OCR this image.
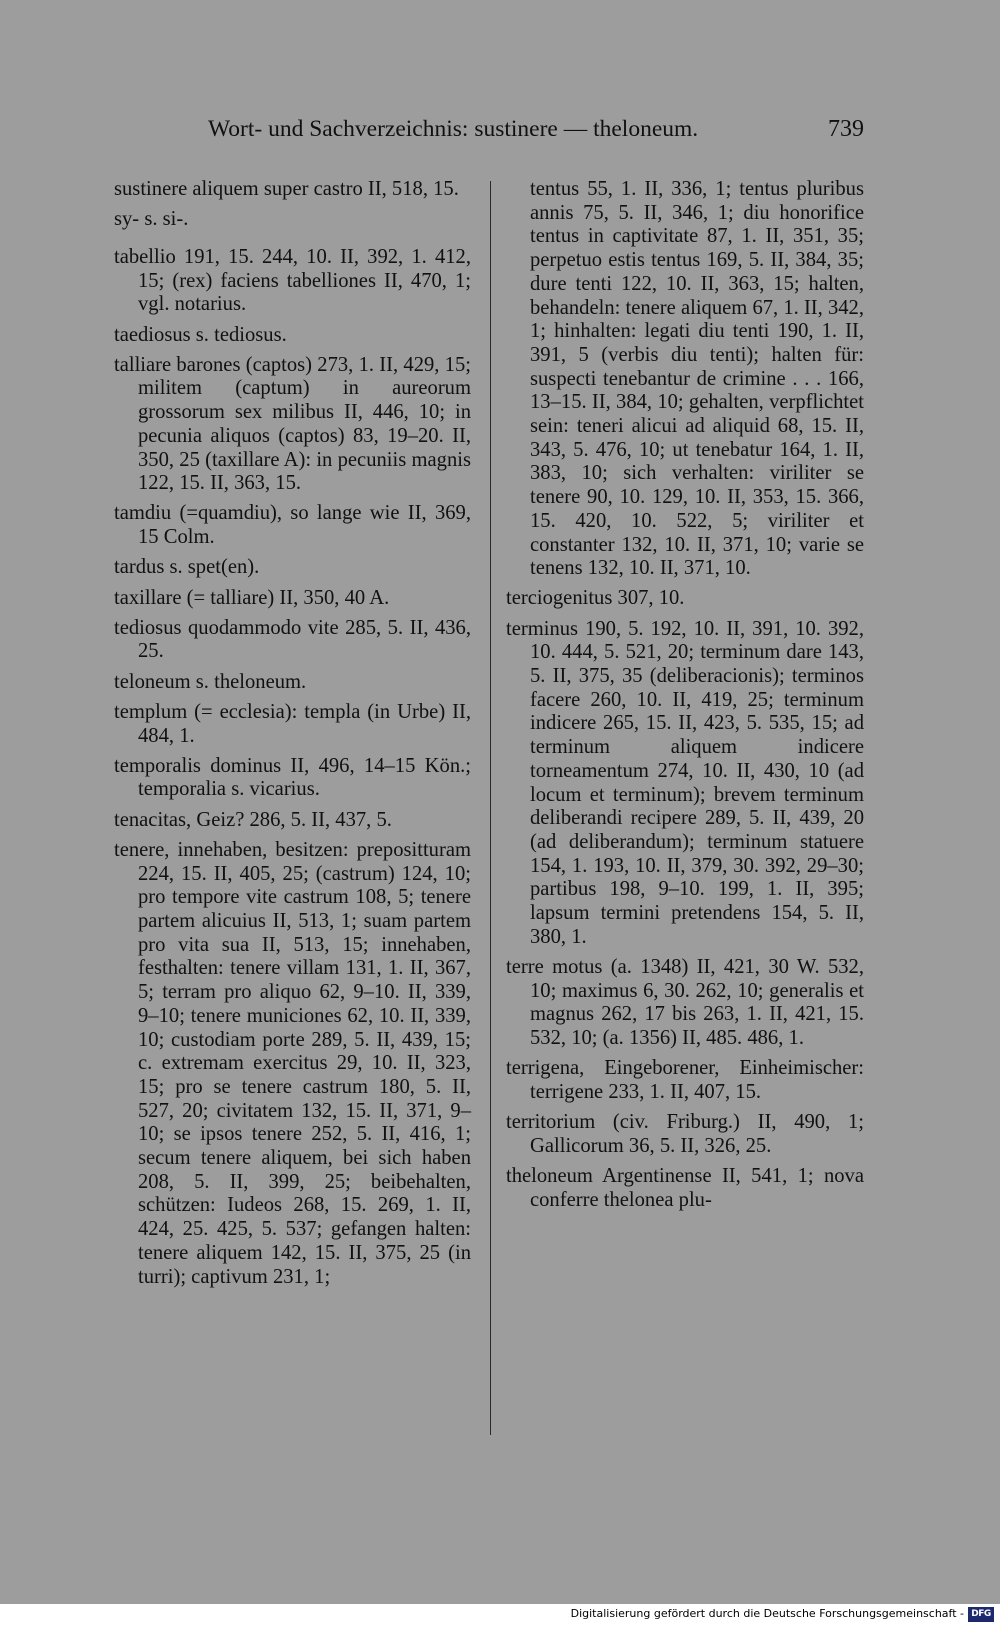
Wort- und Sachverzeichnis: sustinere — theloneum.	739

sustinere aliquem super castro II, 518, 15.

sy- s. si-.

tabellio 191, 15. 244, 10. II, 392, 1. 412, 15; (rex) faciens tabelliones II, 470, 1; vgl. notarius.

taediosus s. tediosus.

talliare barones (captos) 273, 1. II, 429, 15; militem (captum) in aureorum grossorum sex milibus II, 446, 10; in pecunia aliquos (captos) 83, 19–20. II, 350, 25 (taxillare A): in pecuniis magnis 122, 15. II, 363, 15.

tamdiu (=quamdiu), so lange wie II, 369, 15 Colm.

tardus s. spet(en).

taxillare (= talliare) II, 350, 40 A.

tediosus quodammodo vite 285, 5. II, 436, 25.

teloneum s. theloneum.

templum (= ecclesia): templa (in Urbe) II, 484, 1.

temporalis dominus II, 496, 14–15 Kön.; temporalia s. vicarius.

tenacitas, Geiz? 286, 5. II, 437, 5.

tenere, innehaben, besitzen: prepositturam 224, 15. II, 405, 25; (castrum) 124, 10; pro tempore vite castrum 108, 5; tenere partem alicuius II, 513, 1; suam partem pro vita sua II, 513, 15; innehaben, festhalten: tenere villam 131, 1. II, 367, 5; terram pro aliquo 62, 9–10. II, 339, 9–10; tenere municiones 62, 10. II, 339, 10; custodiam porte 289, 5. II, 439, 15; c. extremam exercitus 29, 10. II, 323, 15; pro se tenere castrum 180, 5. II, 527, 20; civitatem 132, 15. II, 371, 9–10; se ipsos tenere 252, 5. II, 416, 1; secum tenere aliquem, bei sich haben 208, 5. II, 399, 25; beibehalten, schützen: Iudeos 268, 15. 269, 1. II, 424, 25. 425, 5. 537; gefangen halten: tenere aliquem 142, 15. II, 375, 25 (in turri); captivum 231, 1;

tentus 55, 1. II, 336, 1; tentus pluribus annis 75, 5. II, 346, 1; diu honorifice tentus in captivitate 87, 1. II, 351, 35; perpetuo estis tentus 169, 5. II, 384, 35; dure tenti 122, 10. II, 363, 15; halten, behandeln: tenere aliquem 67, 1. II, 342, 1; hinhalten: legati diu tenti 190, 1. II, 391, 5 (verbis diu tenti); halten für: suspecti tenebantur de crimine . . . 166, 13–15. II, 384, 10; gehalten, verpflichtet sein: teneri alicui ad aliquid 68, 15. II, 343, 5. 476, 10; ut tenebatur 164, 1. II, 383, 10; sich verhalten: viriliter se tenere 90, 10. 129, 10. II, 353, 15. 366, 15. 420, 10. 522, 5; viriliter et constanter 132, 10. II, 371, 10; varie se tenens 132, 10. II, 371, 10.

terciogenitus 307, 10.

terminus 190, 5. 192, 10. II, 391, 10. 392, 10. 444, 5. 521, 20; terminum dare 143, 5. II, 375, 35 (deliberacionis); terminos facere 260, 10. II, 419, 25; terminum indicere 265, 15. II, 423, 5. 535, 15; ad terminum aliquem indicere torneamentum 274, 10. II, 430, 10 (ad locum et terminum); brevem terminum deliberandi recipere 289, 5. II, 439, 20 (ad deliberandum); terminum statuere 154, 1. 193, 10. II, 379, 30. 392, 29–30; partibus 198, 9–10. 199, 1. II, 395; lapsum termini pretendens 154, 5. II, 380, 1.

terre motus (a. 1348) II, 421, 30 W. 532, 10; maximus 6, 30. 262, 10; generalis et magnus 262, 17 bis 263, 1. II, 421, 15. 532, 10; (a. 1356) II, 485. 486, 1.

terrigena, Eingeborener, Einheimischer: terrigene 233, 1. II, 407, 15.

territorium (civ. Friburg.) II, 490, 1; Gallicorum 36, 5. II, 326, 25.

theloneum Argentinense II, 541, 1; nova conferre thelonea plu-

Digitalisierung gefördert durch die Deutsche Forschungsgemeinschaft - DFG
